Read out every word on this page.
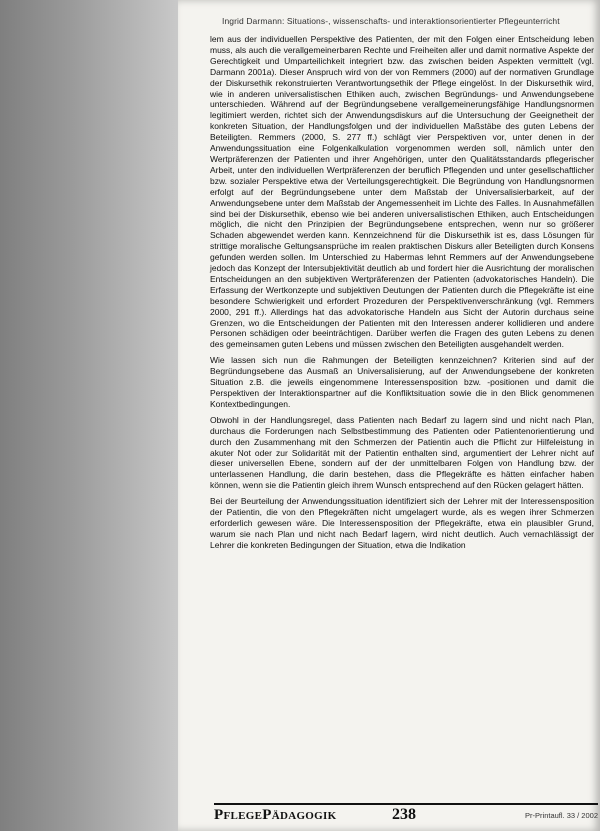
Ingrid Darmann: Situations-, wissenschafts- und interaktionsorientierter Pflegeunterricht

lem aus der individuellen Perspektive des Patienten, der mit den Folgen einer Entscheidung leben muss, als auch die verallgemeinerbaren Rechte und Freiheiten aller und damit normative Aspekte der Gerechtigkeit und Umparteilichkeit integriert bzw. das zwischen beiden Aspekten vermittelt (vgl. Darmann 2001a). Dieser Anspruch wird von der von Remmers (2000) auf der normativen Grundlage der Diskursethik rekonstruierten Verantwortungsethik der Pflege eingelöst. In der Diskursethik wird, wie in anderen universalistischen Ethiken auch, zwischen Begründungs- und Anwendungsebene unterschieden. Während auf der Begründungsebene verallgemeinerungsfähige Handlungsnormen legitimiert werden, richtet sich der Anwendungsdiskurs auf die Untersuchung der Geeignetheit der konkreten Situation, der Handlungsfolgen und der individuellen Maßstäbe des guten Lebens der Beteiligten. Remmers (2000, S. 277 ff.) schlägt vier Perspektiven vor, unter denen in der Anwendungssituation eine Folgenkalkulation vorgenommen werden soll, nämlich unter den Wertpräferenzen der Patienten und ihrer Angehörigen, unter den Qualitätsstandards pflegerischer Arbeit, unter den individuellen Wertpräferenzen der beruflich Pflegenden und unter gesellschaftlicher bzw. sozialer Perspektive etwa der Verteilungsgerechtigkeit. Die Begründung von Handlungsnormen erfolgt auf der Begründungsebene unter dem Maßstab der Universalisierbarkeit, auf der Anwendungsebene unter dem Maßstab der Angemessenheit im Lichte des Falles. In Ausnahmefällen sind bei der Diskursethik, ebenso wie bei anderen universalistischen Ethiken, auch Entscheidungen möglich, die nicht den Prinzipien der Begründungsebene entsprechen, wenn nur so größerer Schaden abgewendet werden kann. Kennzeichnend für die Diskursethik ist es, dass Lösungen für strittige moralische Geltungsansprüche im realen praktischen Diskurs aller Beteiligten durch Konsens gefunden werden sollen. Im Unterschied zu Habermas lehnt Remmers auf der Anwendungsebene jedoch das Konzept der Intersubjektivität deutlich ab und fordert hier die Ausrichtung der moralischen Entscheidungen an den subjektiven Wertpräferenzen der Patienten (advokatorisches Handeln). Die Erfassung der Wertkonzepte und subjektiven Deutungen der Patienten durch die Pflegekräfte ist eine besondere Schwierigkeit und erfordert Prozeduren der Perspektivenverschränkung (vgl. Remmers 2000, 291 ff.). Allerdings hat das advokatorische Handeln aus Sicht der Autorin durchaus seine Grenzen, wo die Entscheidungen der Patienten mit den Interessen anderer kollidieren und andere Personen schädigen oder beeinträchtigen. Darüber werfen die Fragen des guten Lebens zu denen des gemeinsamen guten Lebens und müssen zwischen den Beteiligten ausgehandelt werden.

Wie lassen sich nun die Rahmungen der Beteiligten kennzeichnen? Kriterien sind auf der Begründungsebene das Ausmaß an Universalisierung, auf der Anwendungsebene der konkreten Situation z.B. die jeweils eingenommene Interessensposition bzw. -positionen und damit die Perspektiven der Interaktionspartner auf die Konfliktsituation sowie die in den Blick genommenen Kontextbedingungen.

Obwohl in der Handlungsregel, dass Patienten nach Bedarf zu lagern sind und nicht nach Plan, durchaus die Forderungen nach Selbstbestimmung des Patienten oder Patientenorientierung und durch den Zusammenhang mit den Schmerzen der Patientin auch die Pflicht zur Hilfeleistung in akuter Not oder zur Solidarität mit der Patientin enthalten sind, argumentiert der Lehrer nicht auf dieser universellen Ebene, sondern auf der der unmittelbaren Folgen von Handlung bzw. der unterlassenen Handlung, die darin bestehen, dass die Pflegekräfte es hätten einfacher haben können, wenn sie die Patientin gleich ihrem Wunsch entsprechend auf den Rücken gelagert hätten.

Bei der Beurteilung der Anwendungssituation identifiziert sich der Lehrer mit der Interessensposition der Patientin, die von den Pflegekräften nicht umgelagert wurde, als es wegen ihrer Schmerzen erforderlich gewesen wäre. Die Interessensposition der Pflegekräfte, etwa ein plausibler Grund, warum sie nach Plan und nicht nach Bedarf lagern, wird nicht deutlich. Auch vernachlässigt der Lehrer die konkreten Bedingungen der Situation, etwa die Indikation

PflegePädagogik	238	Pr-Printaufl. 33 / 2002
